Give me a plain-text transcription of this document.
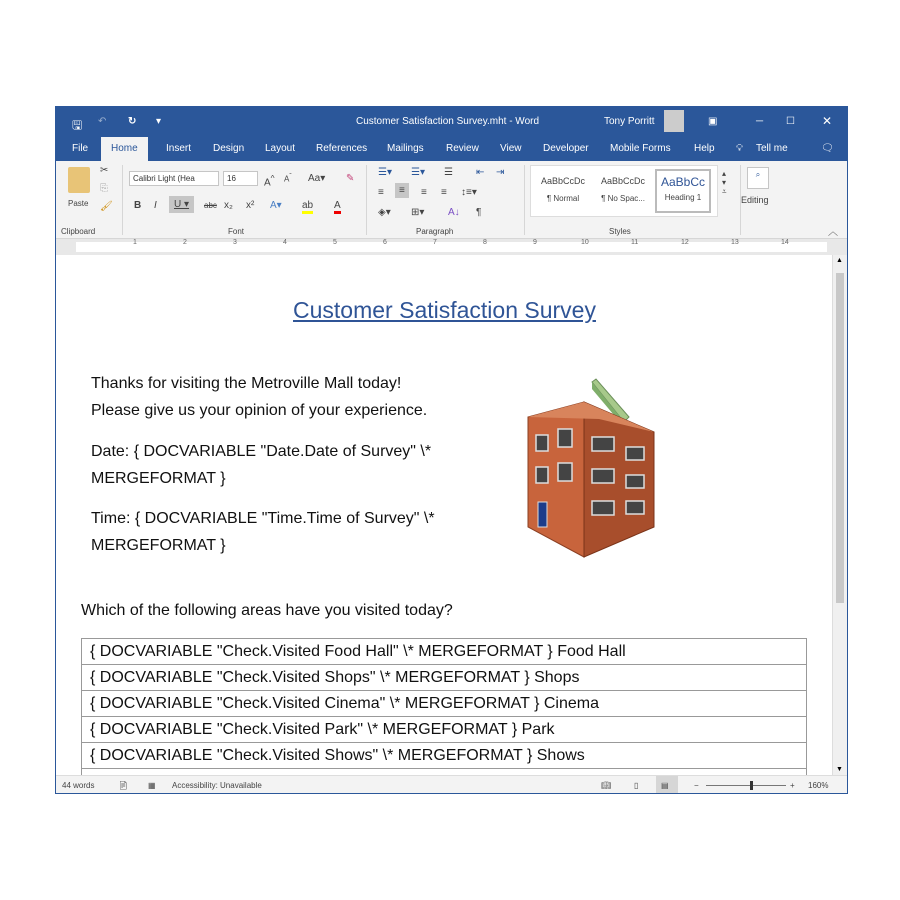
🖫 ↶ ↻ ▾	Customer Satisfaction Survey.mht - Word	Tony Porritt	▣	─ ☐ ✕
File	Home	Insert Design Layout References Mailings Review View Developer Mobile Forms Help 💡︎ Tell me	🗨︎
Paste
✂
⎘
🖌︎
Clipboard
Calibri Light (Hea	16	A^ $A^ˇ$ Aa▾ ✎
B I	U ▾	abc x₂ x² A▾ ab A
Font
☰▾ ☰▾ ☰ ⇤ ⇥
≡	≡	≡ ≡ ↕≡▾
◈▾ ⊞▾ A↓ ¶
Paragraph
AaBbCcDc
¶ Normal
AaBbCcDc
¶ No Spac...
AaBbCc
Heading 1
▴
▾
⩡
Styles
⌕
Editing
︿
1	2	3	4	5	6	7	8	9	10	11	12	13	14
Customer Satisfaction Survey
Thanks for visiting the Metroville Mall today!
Please give us your opinion of your experience.
Date: { DOCVARIABLE "Date.Date of Survey" \*
MERGEFORMAT }
Time: { DOCVARIABLE "Time.Time of Survey" \*
MERGEFORMAT }
Which of the following areas have you visited today?
{ DOCVARIABLE "Check.Visited Food Hall" \* MERGEFORMAT } Food Hall
{ DOCVARIABLE "Check.Visited Shops" \* MERGEFORMAT } Shops
{ DOCVARIABLE "Check.Visited Cinema" \* MERGEFORMAT } Cinema
{ DOCVARIABLE "Check.Visited Park" \* MERGEFORMAT } Park
{ DOCVARIABLE "Check.Visited Shows" \* MERGEFORMAT } Shows

▲
▼
44 words	📄︎ ▦ Accessibility: Unavailable	📖︎	▯	▤	−	+ 160%
